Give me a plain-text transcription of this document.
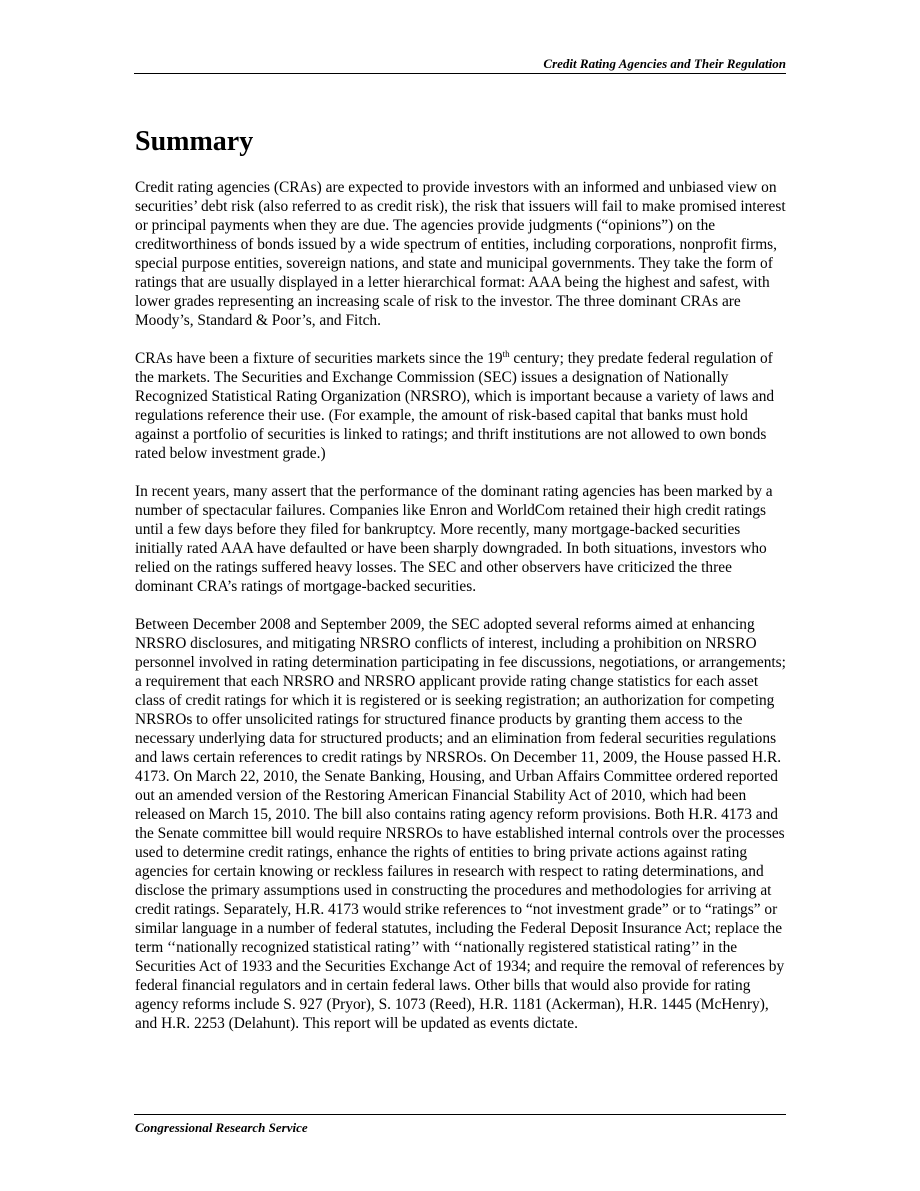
Credit Rating Agencies and Their Regulation
Summary

Credit rating agencies (CRAs) are expected to provide investors with an informed and unbiased view on securities’ debt risk (also referred to as credit risk), the risk that issuers will fail to make promised interest or principal payments when they are due. The agencies provide judgments (“opinions”) on the creditworthiness of bonds issued by a wide spectrum of entities, including corporations, nonprofit firms, special purpose entities, sovereign nations, and state and municipal governments. They take the form of ratings that are usually displayed in a letter hierarchical format: AAA being the highest and safest, with lower grades representing an increasing scale of risk to the investor. The three dominant CRAs are Moody’s, Standard & Poor’s, and Fitch.

CRAs have been a fixture of securities markets since the 19th century; they predate federal regulation of the markets. The Securities and Exchange Commission (SEC) issues a designation of Nationally Recognized Statistical Rating Organization (NRSRO), which is important because a variety of laws and regulations reference their use. (For example, the amount of risk-based capital that banks must hold against a portfolio of securities is linked to ratings; and thrift institutions are not allowed to own bonds rated below investment grade.)

In recent years, many assert that the performance of the dominant rating agencies has been marked by a number of spectacular failures. Companies like Enron and WorldCom retained their high credit ratings until a few days before they filed for bankruptcy. More recently, many mortgage-backed securities initially rated AAA have defaulted or have been sharply downgraded. In both situations, investors who relied on the ratings suffered heavy losses. The SEC and other observers have criticized the three dominant CRA’s ratings of mortgage-backed securities.

Between December 2008 and September 2009, the SEC adopted several reforms aimed at enhancing NRSRO disclosures, and mitigating NRSRO conflicts of interest, including a prohibition on NRSRO personnel involved in rating determination participating in fee discussions, negotiations, or arrangements; a requirement that each NRSRO and NRSRO applicant provide rating change statistics for each asset class of credit ratings for which it is registered or is seeking registration; an authorization for competing NRSROs to offer unsolicited ratings for structured finance products by granting them access to the necessary underlying data for structured products; and an elimination from federal securities regulations and laws certain references to credit ratings by NRSROs. On December 11, 2009, the House passed H.R. 4173. On March 22, 2010, the Senate Banking, Housing, and Urban Affairs Committee ordered reported out an amended version of the Restoring American Financial Stability Act of 2010, which had been released on March 15, 2010. The bill also contains rating agency reform provisions. Both H.R. 4173 and the Senate committee bill would require NRSROs to have established internal controls over the processes used to determine credit ratings, enhance the rights of entities to bring private actions against rating agencies for certain knowing or reckless failures in research with respect to rating determinations, and disclose the primary assumptions used in constructing the procedures and methodologies for arriving at credit ratings. Separately, H.R. 4173 would strike references to “not investment grade” or to “ratings” or similar language in a number of federal statutes, including the Federal Deposit Insurance Act; replace the term ‘‘nationally recognized statistical rating’’ with ‘‘nationally registered statistical rating’’ in the Securities Act of 1933 and the Securities Exchange Act of 1934; and require the removal of references by federal financial regulators and in certain federal laws. Other bills that would also provide for rating agency reforms include S. 927 (Pryor), S. 1073 (Reed), H.R. 1181 (Ackerman), H.R. 1445 (McHenry), and H.R. 2253 (Delahunt). This report will be updated as events dictate.

Congressional Research Service
